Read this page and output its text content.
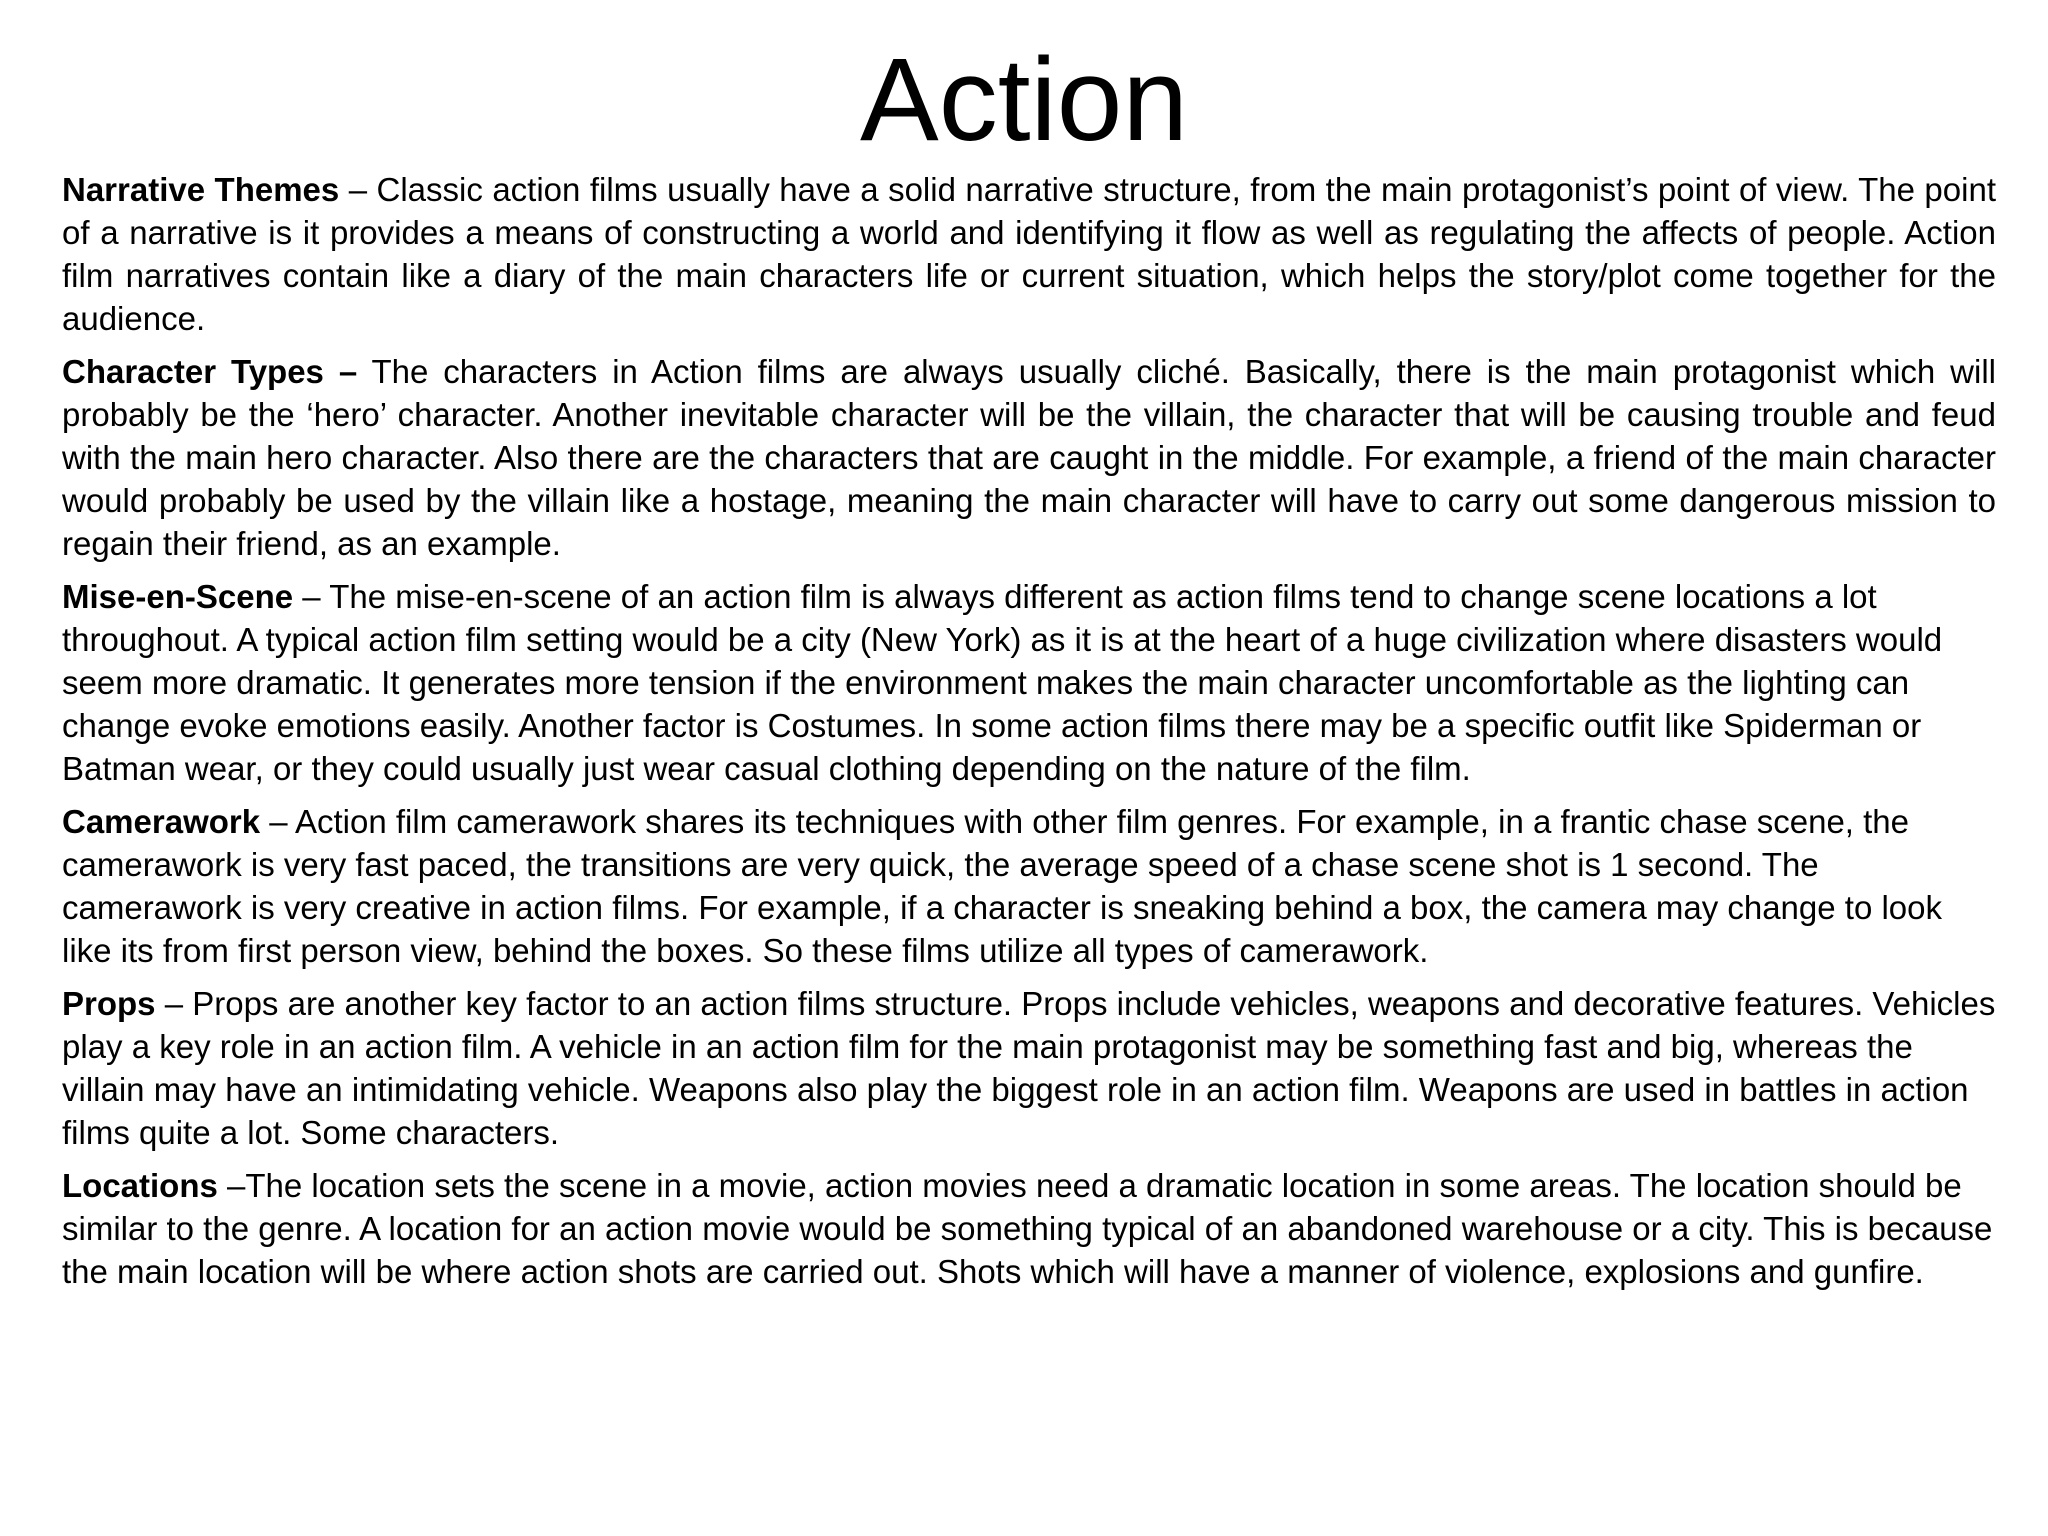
Action

Narrative Themes – Classic action films usually have a solid narrative structure, from the main protagonist’s point of view. The point of a narrative is it provides a means of constructing a world and identifying it flow as well as regulating the affects of people. Action film narratives contain like a diary of the main characters life or current situation, which helps the story/plot come together for the audience.

Character Types – The characters in Action films are always usually cliché. Basically, there is the main protagonist which will probably be the ‘hero’ character. Another inevitable character will be the villain, the character that will be causing trouble and feud with the main hero character. Also there are the characters that are caught in the middle. For example, a friend of the main character would probably be used by the villain like a hostage, meaning the main character will have to carry out some dangerous mission to regain their friend, as an example.

Mise-en-Scene – The mise-en-scene of an action film is always different as action films tend to change scene locations a lot throughout. A typical action film setting would be a city (New York) as it is at the heart of a huge civilization where disasters would seem more dramatic. It generates more tension if the environment makes the main character uncomfortable as the lighting can change evoke emotions easily. Another factor is Costumes. In some action films there may be a specific outfit like Spiderman or Batman wear, or they could usually just wear casual clothing depending on the nature of the film.

Camerawork – Action film camerawork shares its techniques with other film genres. For example, in a frantic chase scene, the camerawork is very fast paced, the transitions are very quick, the average speed of a chase scene shot is 1 second. The camerawork is very creative in action films. For example, if a character is sneaking behind a box, the camera may change to look like its from first person view, behind the boxes. So these films utilize all types of camerawork.

Props – Props are another key factor to an action films structure. Props include vehicles, weapons and decorative features. Vehicles play a key role in an action film. A vehicle in an action film for the main protagonist may be something fast and big, whereas the villain may have an intimidating vehicle. Weapons also play the biggest role in an action film. Weapons are used in battles in action films quite a lot. Some characters.

Locations –The location sets the scene in a movie, action movies need a dramatic location in some areas. The location should be similar to the genre. A location for an action movie would be something typical of an abandoned warehouse or a city. This is because the main location will be where action shots are carried out. Shots which will have a manner of violence, explosions and gunfire.
